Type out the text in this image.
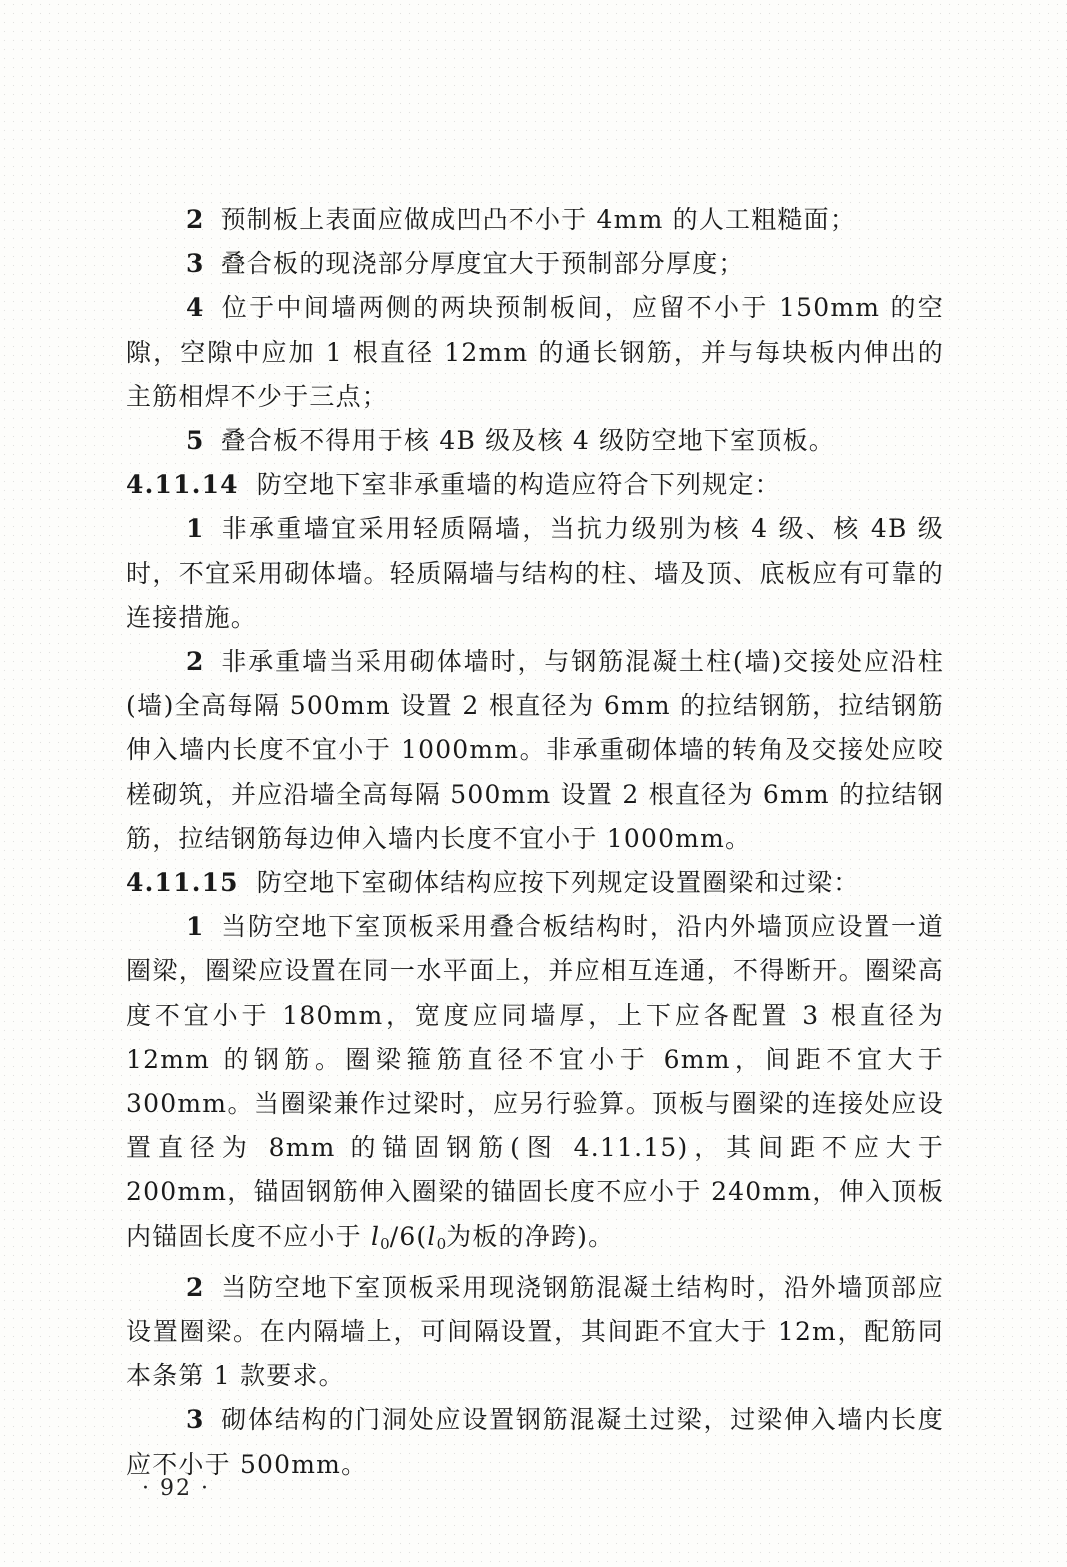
2 预制板上表面应做成凹凸不小于 4mm 的人工粗糙面；

3 叠合板的现浇部分厚度宜大于预制部分厚度；

4 位于中间墙两侧的两块预制板间，应留不小于 150mm 的空隙，空隙中应加 1 根直径 12mm 的通长钢筋，并与每块板内伸出的主筋相焊不少于三点；

5 叠合板不得用于核 4B 级及核 4 级防空地下室顶板。

4.11.14 防空地下室非承重墙的构造应符合下列规定：

1 非承重墙宜采用轻质隔墙，当抗力级别为核 4 级、核 4B 级时，不宜采用砌体墙。轻质隔墙与结构的柱、墙及顶、底板应有可靠的连接措施。

2 非承重墙当采用砌体墙时，与钢筋混凝土柱(墙)交接处应沿柱(墙)全高每隔 500mm 设置 2 根直径为 6mm 的拉结钢筋，拉结钢筋伸入墙内长度不宜小于 1000mm。非承重砌体墙的转角及交接处应咬槎砌筑，并应沿墙全高每隔 500mm 设置 2 根直径为 6mm 的拉结钢筋，拉结钢筋每边伸入墙内长度不宜小于 1000mm。

4.11.15 防空地下室砌体结构应按下列规定设置圈梁和过梁：

1 当防空地下室顶板采用叠合板结构时，沿内外墙顶应设置一道圈梁，圈梁应设置在同一水平面上，并应相互连通，不得断开。圈梁高度不宜小于 180mm，宽度应同墙厚，上下应各配置 3 根直径为 12mm 的钢筋。圈梁箍筋直径不宜小于 6mm，间距不宜大于 300mm。当圈梁兼作过梁时，应另行验算。顶板与圈梁的连接处应设置直径为 8mm 的锚固钢筋(图 4.11.15)，其间距不应大于 200mm，锚固钢筋伸入圈梁的锚固长度不应小于 240mm，伸入顶板内锚固长度不应小于 $l_0/6(l_0$为板的净跨)。

2 当防空地下室顶板采用现浇钢筋混凝土结构时，沿外墙顶部应设置圈梁。在内隔墙上，可间隔设置，其间距不宜大于 12m，配筋同本条第 1 款要求。

3 砌体结构的门洞处应设置钢筋混凝土过梁，过梁伸入墙内长度应不小于 500mm。

· 92 ·
